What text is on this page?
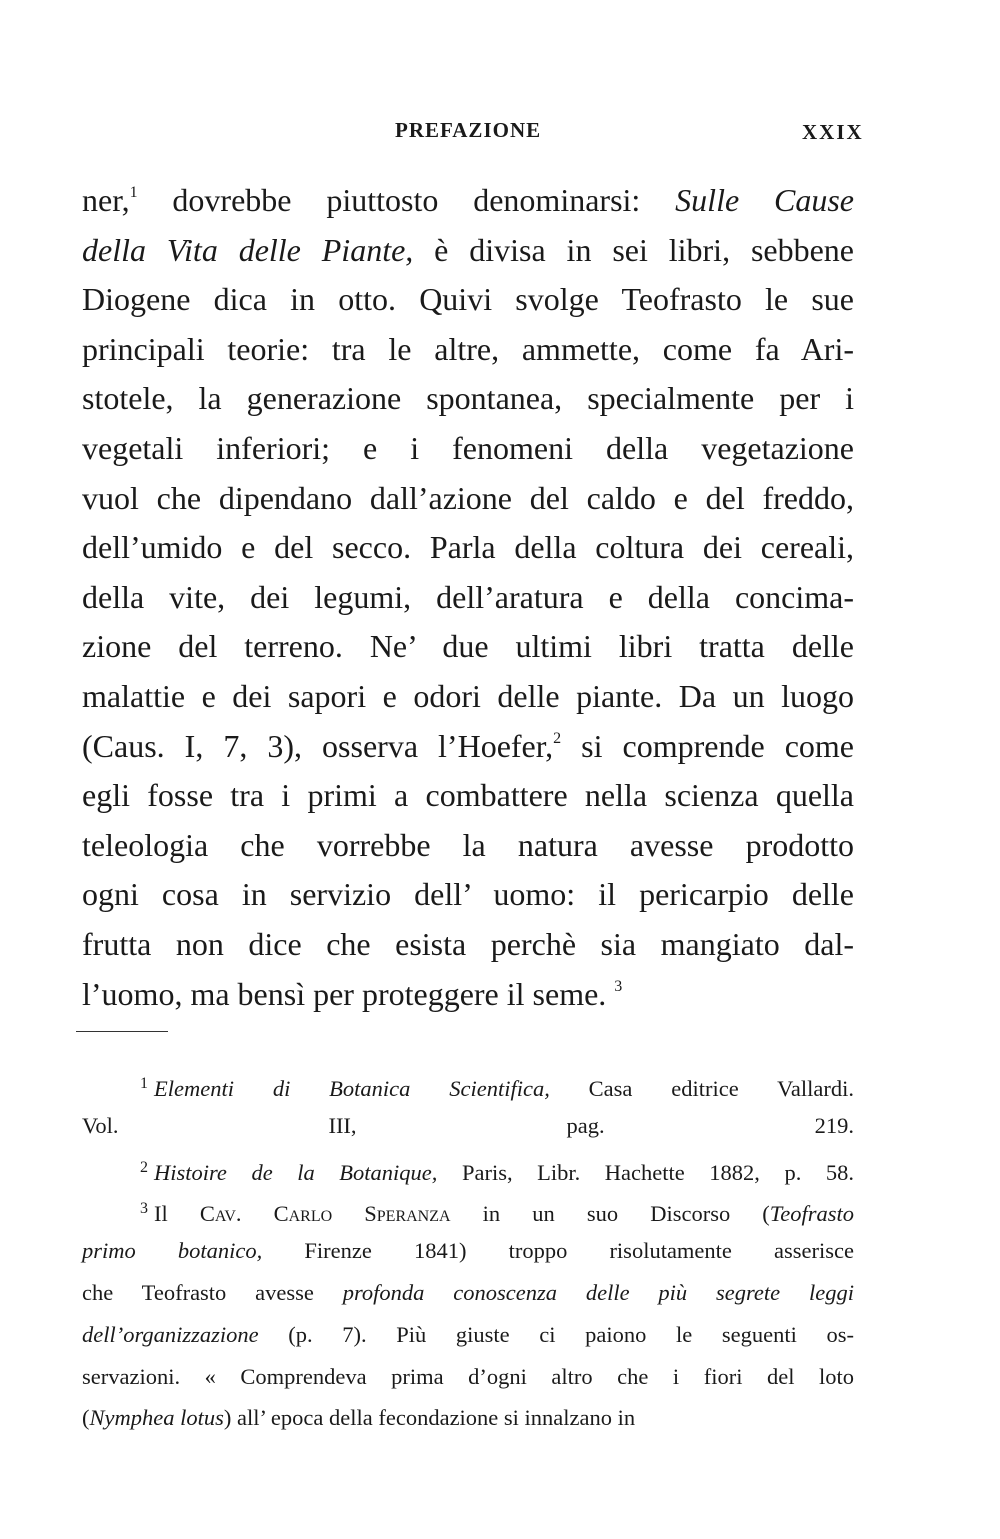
PREFAZIONE	XXIX
ner,$^1$ dovrebbe piuttosto denominarsi: Sulle Cause
della Vita delle Piante, è divisa in sei libri, sebbene
Diogene dica in otto. Quivi svolge Teofrasto le sue
principali teorie: tra le altre, ammette, come fa Ari-
stotele, la generazione spontanea, specialmente per i
vegetali inferiori; e i fenomeni della vegetazione
vuol che dipendano dall’azione del caldo e del freddo,
dell’umido e del secco. Parla della coltura dei cereali,
della vite, dei legumi, dell’aratura e della concima-
zione del terreno. Ne’ due ultimi libri tratta delle
malattie e dei sapori e odori delle piante. Da un luogo
(Caus. I, 7, 3), osserva l’Hoefer,$^2$ si comprende come
egli fosse tra i primi a combattere nella scienza quella
teleologia che vorrebbe la natura avesse prodotto
ogni cosa in servizio dell’ uomo: il pericarpio delle
frutta non dice che esista perchè sia mangiato dal-
l’uomo, ma bensì per proteggere il seme. $^3$
$^1$ Elementi di Botanica Scientifica, Casa editrice Vallardi.
Vol. III, pag. 219.
$^2$ Histoire de la Botanique, Paris, Libr. Hachette 1882, p. 58.
$^3$ Il Cav. Carlo Speranza in un suo Discorso (Teofrasto
primo botanico, Firenze 1841) troppo risolutamente asserisce
che Teofrasto avesse profonda conoscenza delle più segrete leggi
dell’organizzazione (p. 7). Più giuste ci paiono le seguenti os-
servazioni. « Comprendeva prima d’ogni altro che i fiori del loto
(Nymphea lotus) all’ epoca della fecondazione si innalzano in
